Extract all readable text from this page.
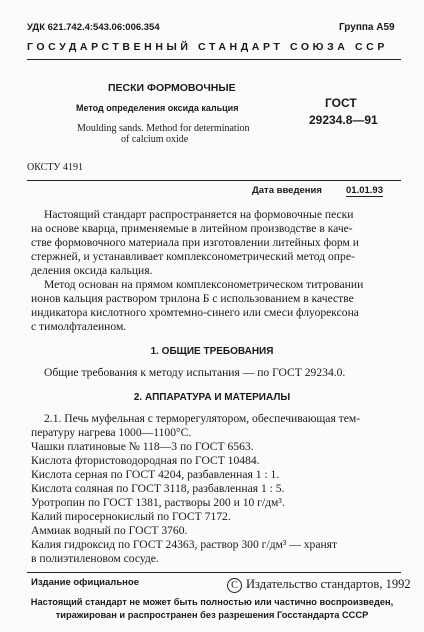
УДК 621.742.4:543.06:006.354	Группа А59
ГОСУДАРСТВЕННЫЙ СТАНДАРТ СОЮЗА ССР
ПЕСКИ ФОРМОВОЧНЫЕ
Метод определения оксида кальция
Moulding sands. Method for determination
of calcium oxide
ГОСТ
29234.8—91
ОКСТУ 4191
Дата введения	01.01.93
Настоящий стандарт распространяется на формовочные пески
на основе кварца, применяемые в литейном производстве в каче-
стве формовочного материала при изготовлении литейных форм и
стержней, и устанавливает комплексонометрический метод опре-
деления оксида кальция.
Метод основан на прямом комплексонометрическом титровании
ионов кальция раствором трилона Б с использованием в качестве
индикатора кислотного хромтемно-синего или смеси флуорексона
с тимолфталеином.
1. ОБЩИЕ ТРЕБОВАНИЯ
Общие требования к методу испытания — по ГОСТ 29234.0.
2. АППАРАТУРА И МАТЕРИАЛЫ
2.1. Печь муфельная с терморегулятором, обеспечивающая тем-
пературу нагрева 1000—1100°С.
Чашки платиновые № 118—3 по ГОСТ 6563.
Кислота фтористоводородная по ГОСТ 10484.
Кислота серная по ГОСТ 4204, разбавленная 1 : 1.
Кислота соляная по ГОСТ 3118, разбавленная 1 : 5.
Уротропин по ГОСТ 1381, растворы 200 и 10 г/дм³.
Калий пиросернокислый по ГОСТ 7172.
Аммиак водный по ГОСТ 3760.
Калия гидроксид по ГОСТ 24363, раствор 300 г/дм³ — хранят
в полиэтиленовом сосуде.
Издание официальное	С Издательство стандартов, 1992
Настоящий стандарт не может быть полностью или частично воспроизведен,
тиражирован и распространен без разрешения Госстандарта СССР
